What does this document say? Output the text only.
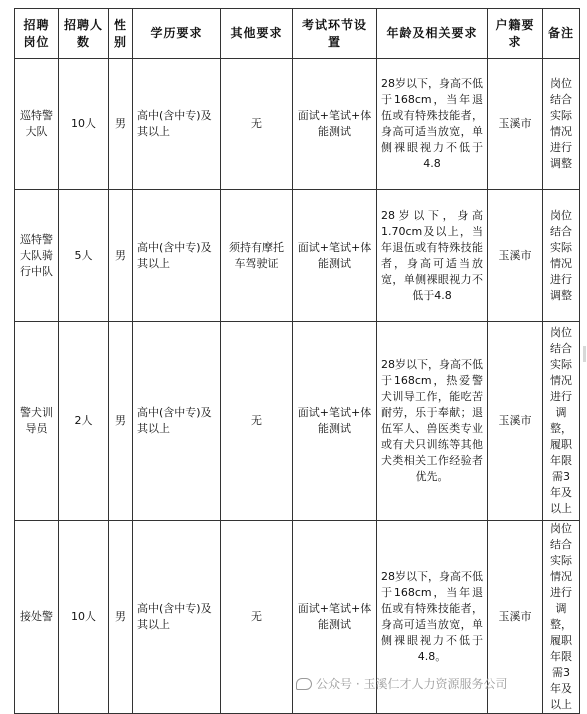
招聘岗位	招聘人数	性别	学历要求	其他要求	考试环节设置	年龄及相关要求	户籍要求	备注
巡特警大队	10人	男	高中(含中专)及其以上	无	面试+笔试+体能测试	28岁以下，身高不低于168cm，当年退伍或有特殊技能者，身高可适当放宽，单侧裸眼视力不低于4.8	玉溪市	岗位结合实际情况进行调整
巡特警大队骑行中队	5人	男	高中(含中专)及其以上	须持有摩托车驾驶证	面试+笔试+体能测试	28岁以下，身高1.70cm及以上，当年退伍或有特殊技能者，身高可适当放宽，单侧裸眼视力不低于4.8	玉溪市	岗位结合实际情况进行调整
警犬训导员	2人	男	高中(含中专)及其以上	无	面试+笔试+体能测试	28岁以下，身高不低于168cm，热爱警犬训导工作，能吃苦耐劳，乐于奉献；退伍军人、兽医类专业或有犬只训练等其他犬类相关工作经验者优先。	玉溪市	岗位结合实际情况进行调整，履职年限需3年及以上
接处警	10人	男	高中(含中专)及其以上	无	面试+笔试+体能测试	28岁以下，身高不低于168cm，当年退伍或有特殊技能者，身高可适当放宽，单侧裸眼视力不低于4.8。	玉溪市	岗位结合实际情况进行调整，履职年限需3年及以上
公众号 · 玉溪仁才人力资源服务公司
